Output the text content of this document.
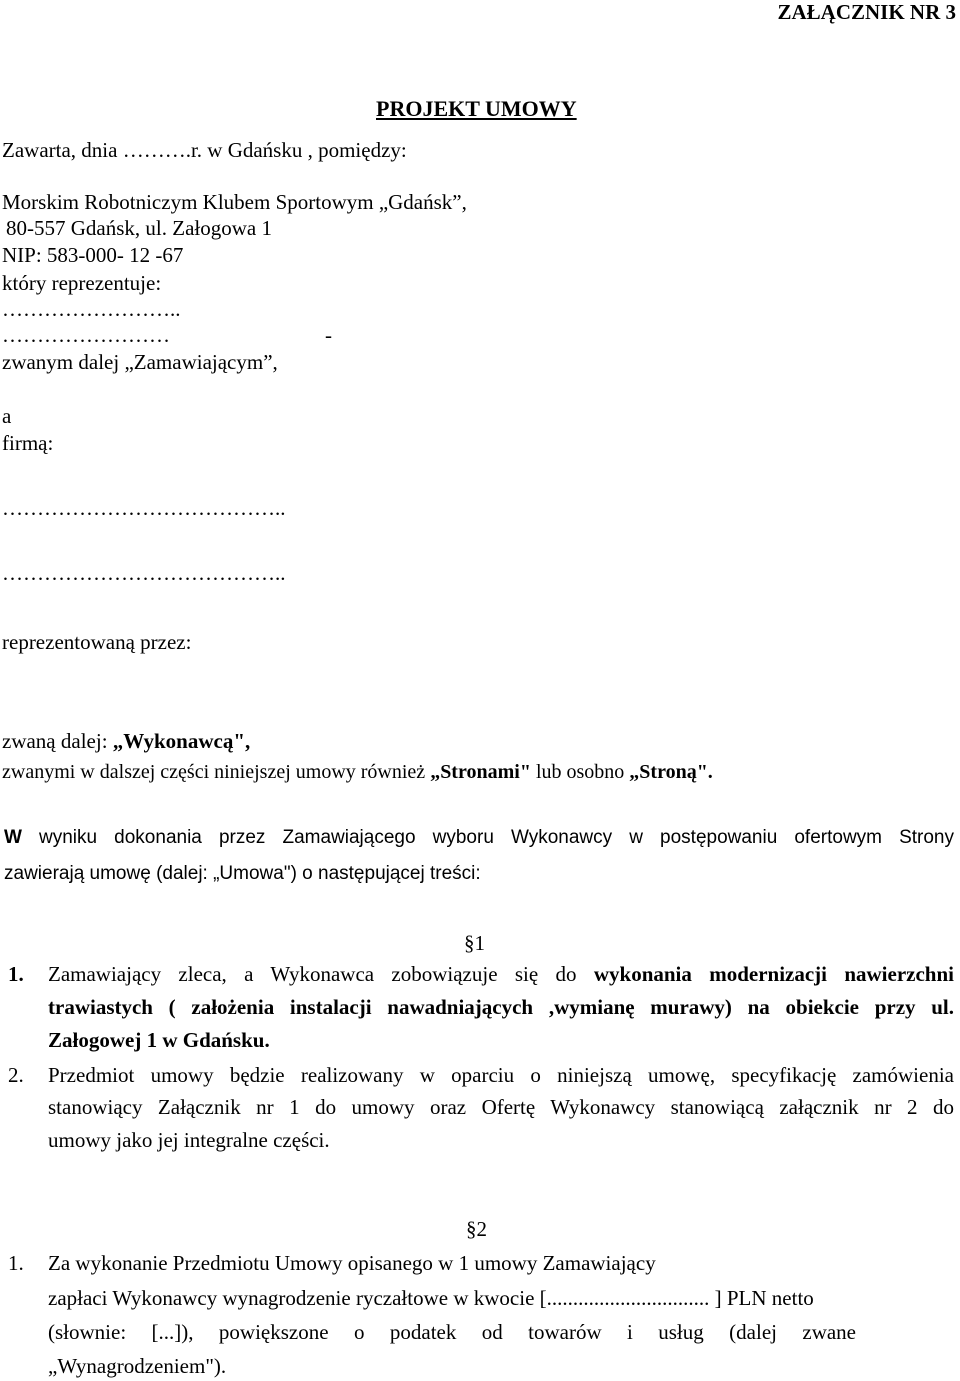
ZAŁĄCZNIK NR 3
PROJEKT UMOWY
Zawarta, dnia ……….r. w Gdańsku , pomiędzy:
Morskim Robotniczym Klubem Sportowym „Gdańsk”,
80-557 Gdańsk, ul. Załogowa 1
NIP: 583-000- 12 -67
który reprezentuje:
……………………..
……………………	-
zwanym dalej „Zamawiającym”,
a
firmą:
…………………………………..
…………………………………..
reprezentowaną przez:
zwaną dalej: „Wykonawcą",
zwanymi w dalszej części niniejszej umowy również „Stronami" lub osobno „Stroną".
W wyniku dokonania przez Zamawiającego wyboru Wykonawcy w postępowaniu ofertowym Strony
zawierają umowę (dalej: „Umowa") o następującej treści:
§1
1. Zamawiający zleca, a Wykonawca zobowiązuje się do wykonania modernizacji nawierzchni
trawiastych ( założenia instalacji nawadniających ,wymianę murawy) na obiekcie przy ul.
Załogowej 1 w Gdańsku.
2. Przedmiot umowy będzie realizowany w oparciu o niniejszą umowę, specyfikację zamówienia
stanowiący Załącznik nr 1 do umowy oraz Ofertę Wykonawcy stanowiącą załącznik nr 2 do
umowy jako jej integralne części.
§2
1. Za wykonanie Przedmiotu Umowy opisanego w 1 umowy Zamawiający
zapłaci Wykonawcy wynagrodzenie ryczałtowe w kwocie [............................... ] PLN netto
(słownie: [...]), powiększone o podatek od towarów i usług (dalej zwane
„Wynagrodzeniem").
